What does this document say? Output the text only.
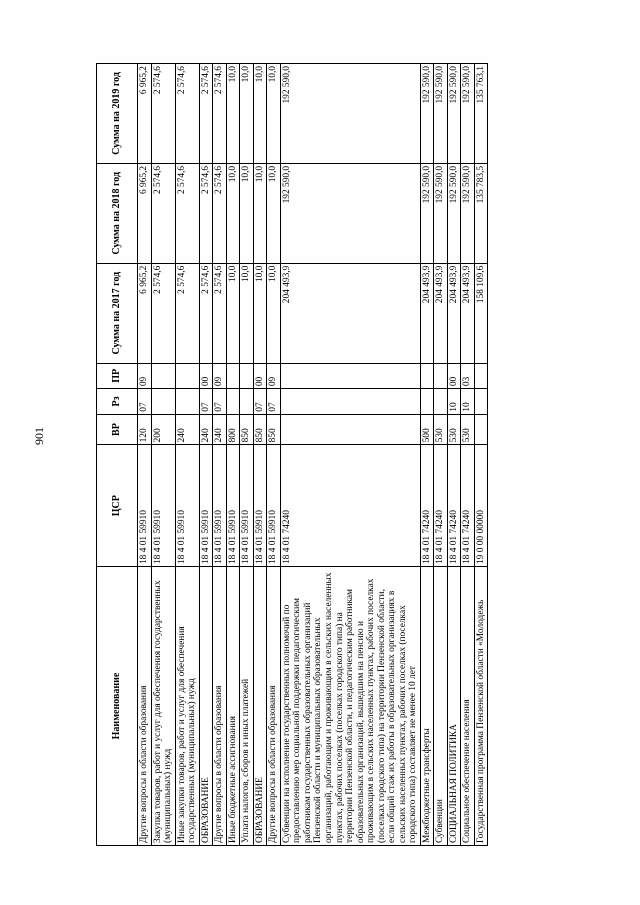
901
Наименование	ЦСР	ВР	Рз	ПР	Сумма на 2017 год	Сумма на 2018 год	Сумма на 2019 год
Другие вопросы в области образования	18 4 01 59910	120	07	09	6 965,2	6 965,2	6 965,2
Закупка товаров, работ и услуг для обеспечения государственных (муниципальных) нужд	18 4 01 59910	200			2 574,6	2 574,6	2 574,6
Иные закупки товаров, работ и услуг для обеспечения государственных (муниципальных) нужд	18 4 01 59910	240			2 574,6	2 574,6	2 574,6
ОБРАЗОВАНИЕ	18 4 01 59910	240	07	00	2 574,6	2 574,6	2 574,6
Другие вопросы в области образования	18 4 01 59910	240	07	09	2 574,6	2 574,6	2 574,6
Иные бюджетные ассигнования	18 4 01 59910	800			10,0	10,0	10,0
Уплата налогов, сборов и иных платежей	18 4 01 59910	850			10,0	10,0	10,0
ОБРАЗОВАНИЕ	18 4 01 59910	850	07	00	10,0	10,0	10,0
Другие вопросы в области образования	18 4 01 59910	850	07	09	10,0	10,0	10,0
Субвенции на исполнение государственных полномочий по предоставлению мер социальной поддержки педагогическим работникам государственных образовательных организаций Пензенской области и муниципальных образовательных организаций, работающим и проживающим в сельских населенных пунктах, рабочих поселках (поселках городского типа) на территории Пензенской области, и педагогическим работникам образовательных организаций, вышедшим на пенсию и проживающим в сельских населенных пунктах, рабочих поселках (поселках городского типа) на территории Пензенской области, если общий стаж их работы в образовательных организациях в сельских населенных пунктах, рабочих поселках (поселках городского типа) составляет не менее 10 лет	18 4 01 74240				204 493,9	192 590,0	192 590,0
Межбюджетные трансферты	18 4 01 74240	500			204 493,9	192 590,0	192 590,0
Субвенции	18 4 01 74240	530			204 493,9	192 590,0	192 590,0
СОЦИАЛЬНАЯ ПОЛИТИКА	18 4 01 74240	530	10	00	204 493,9	192 590,0	192 590,0
Социальное обеспечение населения	18 4 01 74240	530	10	03	204 493,9	192 590,0	192 590,0
Государственная программа Пензенской области «Молодежь	19 0 00 00000				158 109,6	135 783,5	135 763,1
